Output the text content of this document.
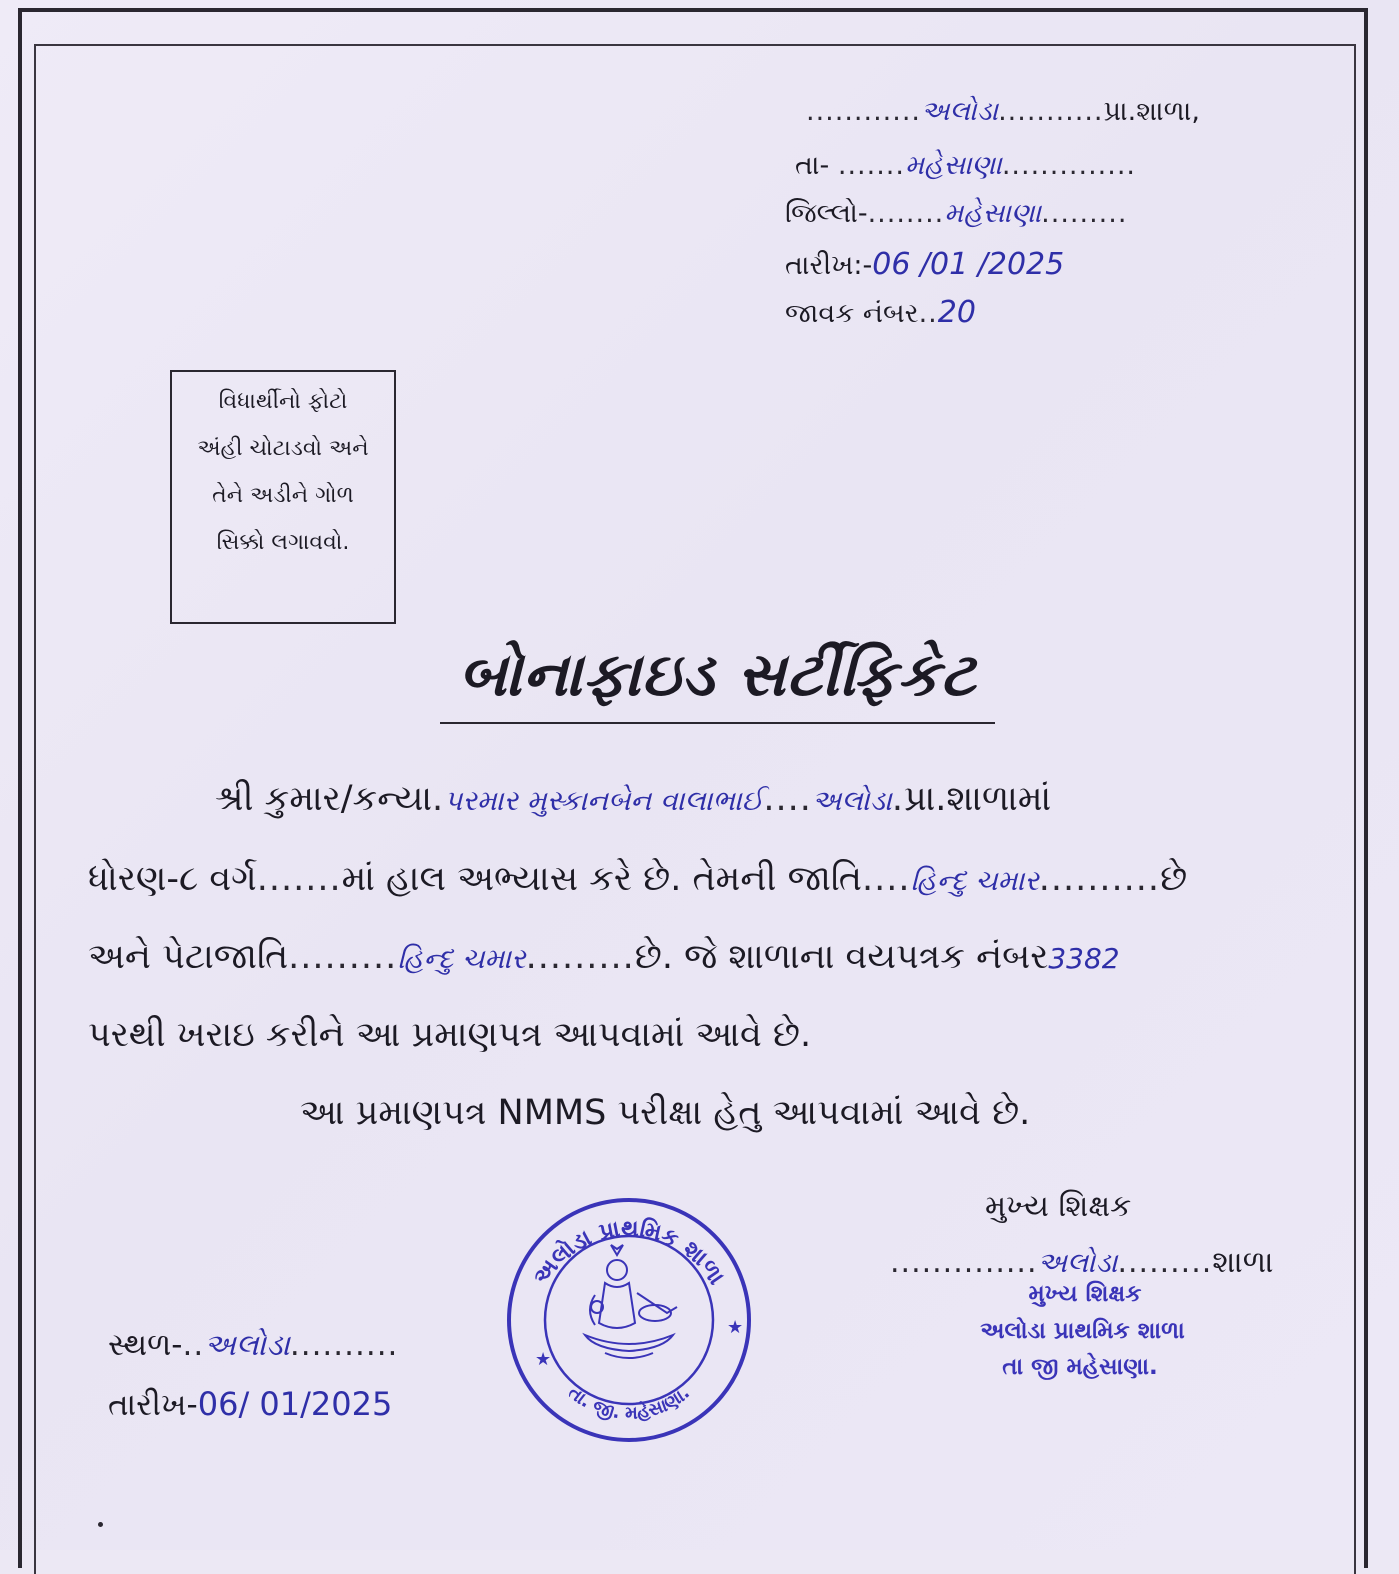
............અલોડા...........પ્રા.શાળા,
તા- .......મહેસાણા..............
જિલ્લો-........મહેસાણા.........
તારીખ:-06 /01 /2025
જાવક નંબર..20
વિધાર્થીનો ફોટો
અંહી ચોટાડવો અને
તેને અડીને ગોળ
સિક્કો લગાવવો.
બોનાફાઇડ સર્ટીફિકેટ
શ્રી કુમાર/કન્યા.પરમાર મુસ્કાનબેન વાલાભાઈ....અલોડા.પ્રા.શાળામાં
ધોરણ-૮ વર્ગ.......માં હાલ અભ્યાસ કરે છે. તેમની જાતિ....હિન્દુ ચમાર..........છે
અને પેટાજાતિ.........હિન્દુ ચમાર.........છે. જે શાળાના વયપત્રક નંબર3382
પરથી ખરાઇ કરીને આ પ્રમાણપત્ર આપવામાં આવે છે.
આ પ્રમાણપત્ર NMMS પરીક્ષા હેતુ આપવામાં આવે છે.
મુખ્ય શિક્ષક
..............અલોડા.........શાળા
મુખ્ય શિક્ષક
અલોડા પ્રાથમિક શાળા
તા જી મહેસાણા.
અલોડા પ્રાથમિક શાળા
તા. જી. મહેસાણા.
★
★
સ્થળ-..અલોડા..........
તારીખ-06/ 01/2025
